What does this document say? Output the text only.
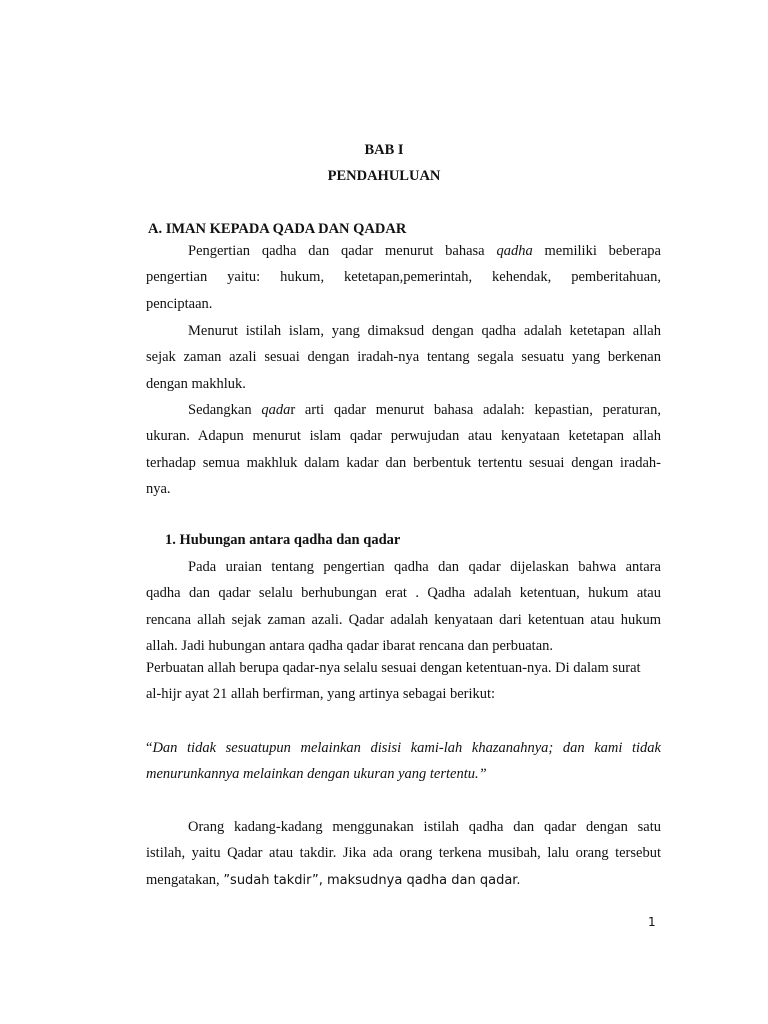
BAB I
PENDAHULUAN
A. IMAN KEPADA QADA DAN QADAR
Pengertian qadha dan qadar menurut bahasa qadha memiliki beberapa
pengertian yaitu: hukum, ketetapan,pemerintah, kehendak, pemberitahuan,
penciptaan.
Menurut istilah islam, yang dimaksud dengan qadha adalah ketetapan allah
sejak zaman azali sesuai dengan iradah-nya tentang segala sesuatu yang berkenan
dengan makhluk.
Sedangkan qadar arti qadar menurut bahasa adalah: kepastian, peraturan,
ukuran. Adapun menurut islam qadar perwujudan atau kenyataan ketetapan allah
terhadap semua makhluk dalam kadar dan berbentuk tertentu sesuai dengan iradah-
nya.
1. Hubungan antara qadha dan qadar
Pada uraian tentang pengertian qadha dan qadar dijelaskan bahwa antara
qadha dan qadar selalu berhubungan erat . Qadha adalah ketentuan, hukum atau
rencana allah sejak zaman azali. Qadar adalah kenyataan dari ketentuan atau hukum
allah. Jadi hubungan antara qadha qadar ibarat rencana dan perbuatan.
Perbuatan allah berupa qadar-nya selalu sesuai dengan ketentuan-nya. Di dalam surat
al-hijr ayat 21 allah berfirman, yang artinya sebagai berikut:
“Dan tidak sesuatupun melainkan disisi kami-lah khazanahnya; dan kami tidak
menurunkannya melainkan dengan ukuran yang tertentu.”
Orang kadang-kadang menggunakan istilah qadha dan qadar dengan satu
istilah, yaitu Qadar atau takdir. Jika ada orang terkena musibah, lalu orang tersebut
mengatakan, ”sudah takdir”, maksudnya qadha dan qadar.
1
